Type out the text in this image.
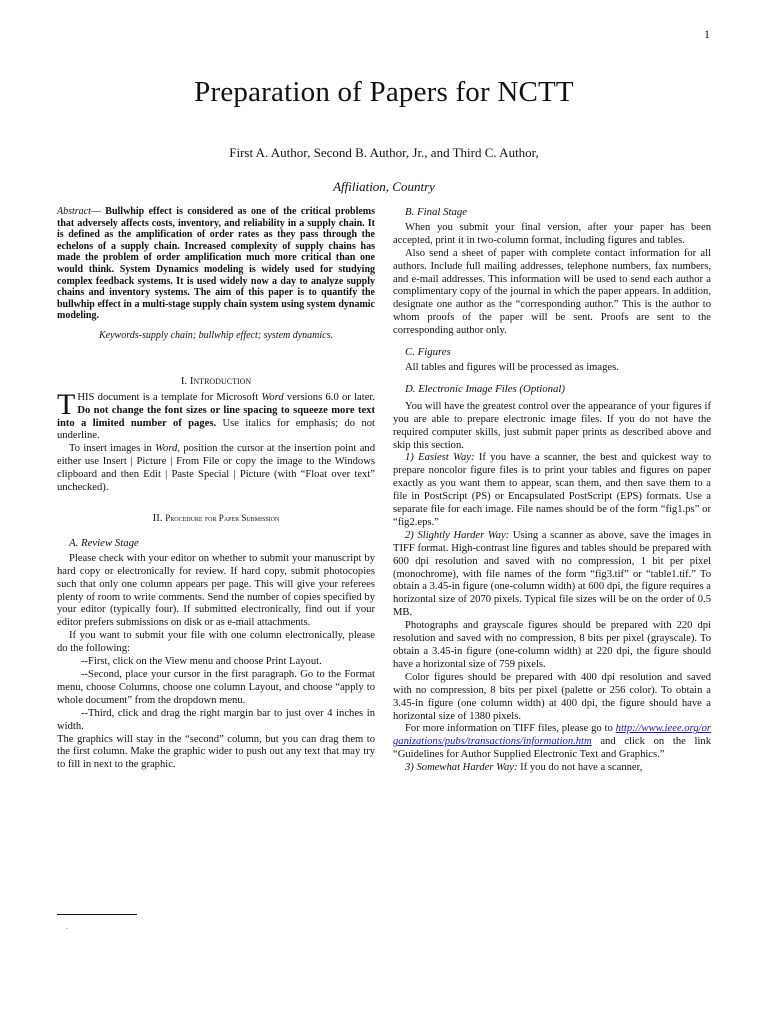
1
Preparation of Papers for NCTT
First A. Author, Second B. Author, Jr., and Third C. Author,
Affiliation, Country

Abstract— Bullwhip effect is considered as one of the critical problems that adversely affects costs, inventory, and reliability in a supply chain. It is defined as the amplification of order rates as they pass through the echelons of a supply chain. Increased complexity of supply chains has made the problem of order amplification much more critical than one would think. System Dynamics modeling is widely used for studying complex feedback systems. It is used widely now a day to analyze supply chains and inventory systems. The aim of this paper is to quantify the bullwhip effect in a multi-stage supply chain system using system dynamic modeling.

Keywords-supply chain; bullwhip effect; system dynamics.

I. Introduction

THIS document is a template for Microsoft Word versions 6.0 or later. Do not change the font sizes or line spacing to squeeze more text into a limited number of pages. Use italics for emphasis; do not underline.

To insert images in Word, position the cursor at the insertion point and either use Insert | Picture | From File or copy the image to the Windows clipboard and then Edit | Paste Special | Picture (with “Float over text” unchecked).

II. Procedure for Paper Submission

A. Review Stage

Please check with your editor on whether to submit your manuscript by hard copy or electronically for review. If hard copy, submit photocopies such that only one column appears per page. This will give your referees plenty of room to write comments. Send the number of copies specified by your editor (typically four). If submitted electronically, find out if your editor prefers submissions on disk or as e-mail attachments.

If you want to submit your file with one column electronically, please do the following:

--First, click on the View menu and choose Print Layout.

--Second, place your cursor in the first paragraph. Go to the Format menu, choose Columns, choose one column Layout, and choose “apply to whole document” from the dropdown menu.

--Third, click and drag the right margin bar to just over 4 inches in width.

The graphics will stay in the “second” column, but you can drag them to the first column. Make the graphic wider to push out any text that may try to fill in next to the graphic.

.

B. Final Stage

When you submit your final version, after your paper has been accepted, print it in two-column format, including figures and tables.

Also send a sheet of paper with complete contact information for all authors. Include full mailing addresses, telephone numbers, fax numbers, and e-mail addresses. This information will be used to send each author a complimentary copy of the journal in which the paper appears. In addition, designate one author as the “corresponding author.” This is the author to whom proofs of the paper will be sent. Proofs are sent to the corresponding author only.

C. Figures

All tables and figures will be processed as images.

D. Electronic Image Files (Optional)

You will have the greatest control over the appearance of your figures if you are able to prepare electronic image files. If you do not have the required computer skills, just submit paper prints as described above and skip this section.

1) Easiest Way: If you have a scanner, the best and quickest way to prepare noncolor figure files is to print your tables and figures on paper exactly as you want them to appear, scan them, and then save them to a file in PostScript (PS) or Encapsulated PostScript (EPS) formats. Use a separate file for each image. File names should be of the form “fig1.ps” or “fig2.eps.”

2) Slightly Harder Way: Using a scanner as above, save the images in TIFF format. High-contrast line figures and tables should be prepared with 600 dpi resolution and saved with no compression, 1 bit per pixel (monochrome), with file names of the form “fig3.tif” or “table1.tif.” To obtain a 3.45-in figure (one-column width) at 600 dpi, the figure requires a horizontal size of 2070 pixels. Typical file sizes will be on the order of 0.5 MB.

Photographs and grayscale figures should be prepared with 220 dpi resolution and saved with no compression, 8 bits per pixel (grayscale). To obtain a 3.45-in figure (one-column width) at 220 dpi, the figure should have a horizontal size of 759 pixels.

Color figures should be prepared with 400 dpi resolution and saved with no compression, 8 bits per pixel (palette or 256 color). To obtain a 3.45-in figure (one column width) at 400 dpi, the figure should have a horizontal size of 1380 pixels.

For more information on TIFF files, please go to http://www.ieee.org/organizations/pubs/transactions/information.htm and click on the link “Guidelines for Author Supplied Electronic Text and Graphics.”

3) Somewhat Harder Way: If you do not have a scanner,
